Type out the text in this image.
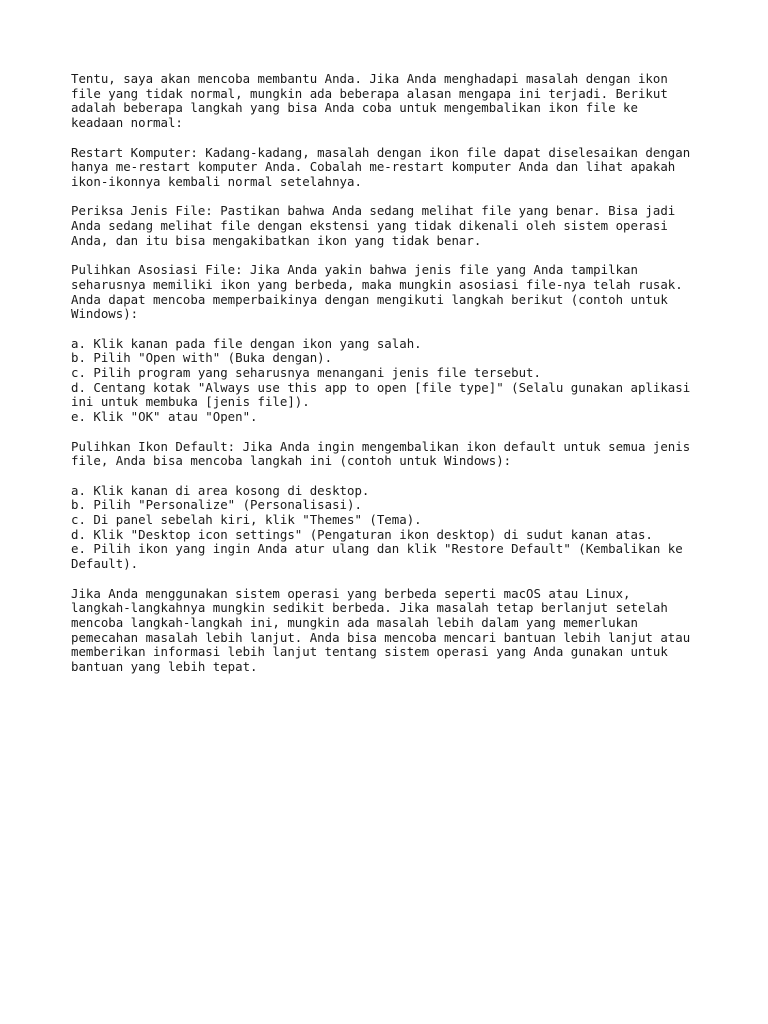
Tentu, saya akan mencoba membantu Anda. Jika Anda menghadapi masalah dengan ikon
file yang tidak normal, mungkin ada beberapa alasan mengapa ini terjadi. Berikut
adalah beberapa langkah yang bisa Anda coba untuk mengembalikan ikon file ke
keadaan normal:

Restart Komputer: Kadang-kadang, masalah dengan ikon file dapat diselesaikan dengan
hanya me-restart komputer Anda. Cobalah me-restart komputer Anda dan lihat apakah
ikon-ikonnya kembali normal setelahnya.

Periksa Jenis File: Pastikan bahwa Anda sedang melihat file yang benar. Bisa jadi
Anda sedang melihat file dengan ekstensi yang tidak dikenali oleh sistem operasi
Anda, dan itu bisa mengakibatkan ikon yang tidak benar.

Pulihkan Asosiasi File: Jika Anda yakin bahwa jenis file yang Anda tampilkan
seharusnya memiliki ikon yang berbeda, maka mungkin asosiasi file-nya telah rusak.
Anda dapat mencoba memperbaikinya dengan mengikuti langkah berikut (contoh untuk
Windows):

a. Klik kanan pada file dengan ikon yang salah.
b. Pilih "Open with" (Buka dengan).
c. Pilih program yang seharusnya menangani jenis file tersebut.
d. Centang kotak "Always use this app to open [file type]" (Selalu gunakan aplikasi
ini untuk membuka [jenis file]).
e. Klik "OK" atau "Open".

Pulihkan Ikon Default: Jika Anda ingin mengembalikan ikon default untuk semua jenis
file, Anda bisa mencoba langkah ini (contoh untuk Windows):

a. Klik kanan di area kosong di desktop.
b. Pilih "Personalize" (Personalisasi).
c. Di panel sebelah kiri, klik "Themes" (Tema).
d. Klik "Desktop icon settings" (Pengaturan ikon desktop) di sudut kanan atas.
e. Pilih ikon yang ingin Anda atur ulang dan klik "Restore Default" (Kembalikan ke
Default).

Jika Anda menggunakan sistem operasi yang berbeda seperti macOS atau Linux,
langkah-langkahnya mungkin sedikit berbeda. Jika masalah tetap berlanjut setelah
mencoba langkah-langkah ini, mungkin ada masalah lebih dalam yang memerlukan
pemecahan masalah lebih lanjut. Anda bisa mencoba mencari bantuan lebih lanjut atau
memberikan informasi lebih lanjut tentang sistem operasi yang Anda gunakan untuk
bantuan yang lebih tepat.
